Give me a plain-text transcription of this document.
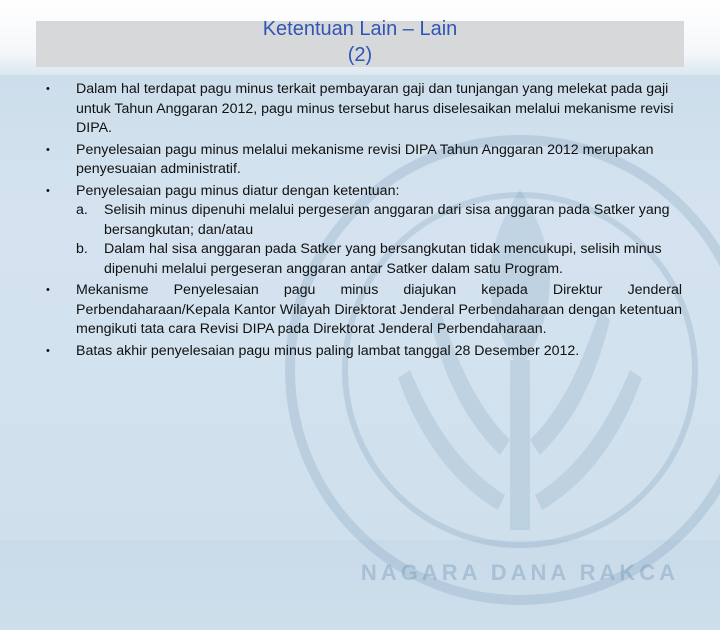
NAGARA DANA RAKCA
Ketentuan Lain – Lain
(2)
• Dalam hal terdapat pagu minus terkait pembayaran gaji dan tunjangan yang melekat pada gaji untuk Tahun Anggaran 2012, pagu minus tersebut harus diselesaikan melalui mekanisme revisi DIPA.
• Penyelesaian pagu minus melalui mekanisme revisi DIPA Tahun Anggaran 2012 merupakan penyesuaian administratif.
• Penyelesaian pagu minus diatur dengan ketentuan:
a. Selisih minus dipenuhi melalui pergeseran anggaran dari sisa anggaran pada Satker yang bersangkutan; dan/atau
b. Dalam hal sisa anggaran pada Satker yang bersangkutan tidak mencukupi, selisih minus dipenuhi melalui pergeseran anggaran antar Satker dalam satu Program.
• Mekanisme Penyelesaian pagu minus diajukan kepada Direktur Jenderal Perbendaharaan/Kepala Kantor Wilayah Direktorat Jenderal Perbendaharaan dengan ketentuan mengikuti tata cara Revisi DIPA pada Direktorat Jenderal Perbendaharaan.
• Batas akhir penyelesaian pagu minus paling lambat tanggal 28 Desember 2012.
